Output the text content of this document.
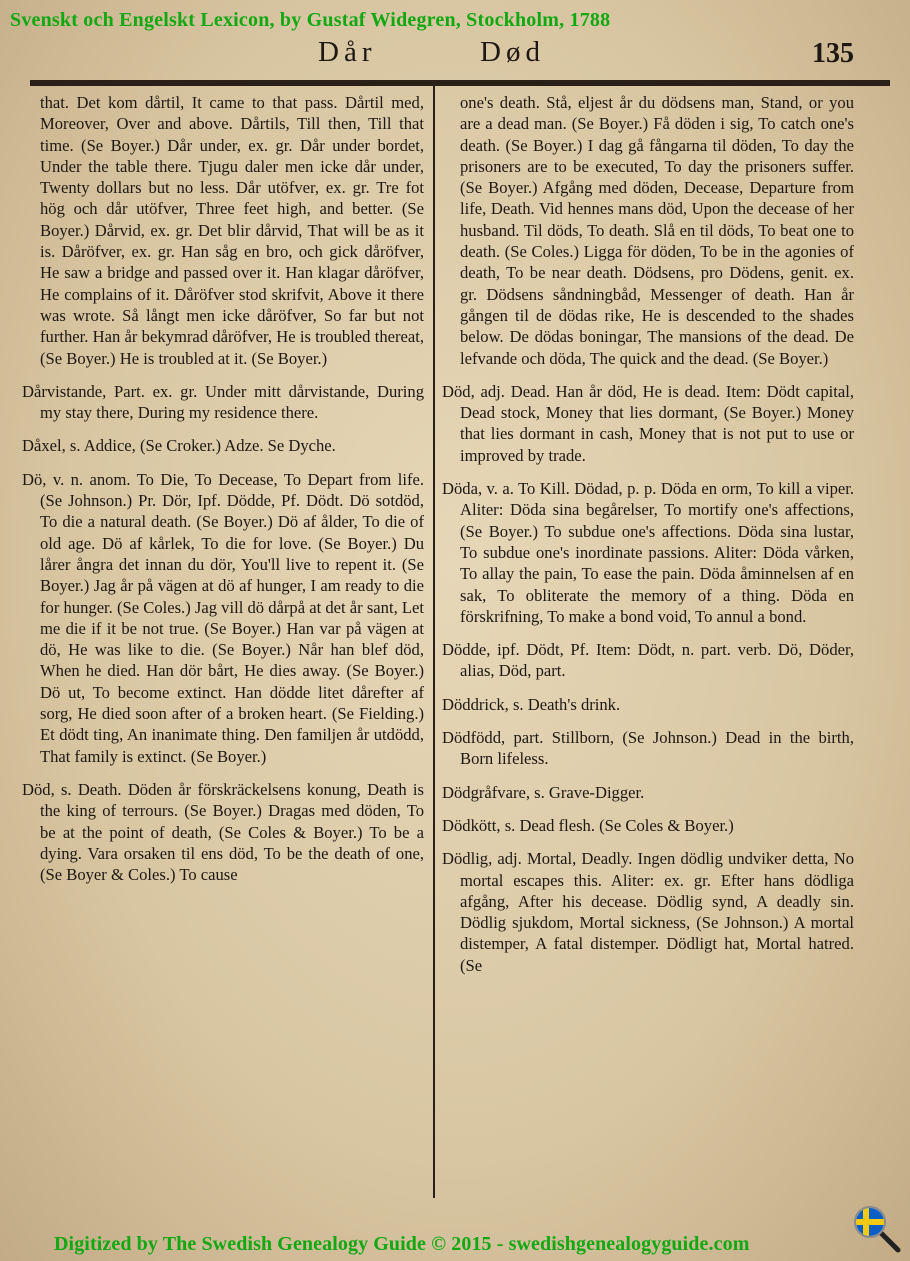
Svenskt och Engelskt Lexicon, by Gustaf Widegren, Stockholm, 1788
Dår	Død	135

that. Det kom dårtil, It came to that pass. Dårtil med, Moreover, Over and above. Dårtils, Till then, Till that time. (Se Boyer.) Dår under, ex. gr. Dår under bordet, Under the table there. Tjugu daler men icke dår under, Twenty dollars but no less. Dår utöfver, ex. gr. Tre fot hög och dår utöfver, Three feet high, and better. (Se Boyer.) Dårvid, ex. gr. Det blir dårvid, That will be as it is. Dåröfver, ex. gr. Han såg en bro, och gick dåröfver, He saw a bridge and passed over it. Han klagar dåröfver, He complains of it. Dåröfver stod skrifvit, Above it there was wrote. Så långt men icke dåröfver, So far but not further. Han år bekymrad dåröfver, He is troubled thereat, (Se Boyer.) He is troubled at it. (Se Boyer.)

Dårvistande, Part. ex. gr. Under mitt dårvistande, During my stay there, During my residence there.

Dåxel, s. Addice, (Se Croker.) Adze. Se Dyche.

Dö, v. n. anom. To Die, To Decease, To Depart from life. (Se Johnson.) Pr. Dör, Ipf. Dödde, Pf. Dödt. Dö sotdöd, To die a natural death. (Se Boyer.) Dö af ålder, To die of old age. Dö af kårlek, To die for love. (Se Boyer.) Du lårer ångra det innan du dör, You'll live to repent it. (Se Boyer.) Jag år på vägen at dö af hunger, I am ready to die for hunger. (Se Coles.) Jag vill dö dårpå at det år sant, Let me die if it be not true. (Se Boyer.) Han var på vägen at dö, He was like to die. (Se Boyer.) Når han blef död, When he died. Han dör bårt, He dies away. (Se Boyer.) Dö ut, To become extinct. Han dödde litet dårefter af sorg, He died soon after of a broken heart. (Se Fielding.) Et dödt ting, An inanimate thing. Den familjen år utdödd, That family is extinct. (Se Boyer.)

Död, s. Death. Döden år förskräckelsens konung, Death is the king of terrours. (Se Boyer.) Dragas med döden, To be at the point of death, (Se Coles & Boyer.) To be a dying. Vara orsaken til ens död, To be the death of one, (Se Boyer & Coles.) To cause

one's death. Stå, eljest år du dödsens man, Stand, or you are a dead man. (Se Boyer.) Få döden i sig, To catch one's death. (Se Boyer.) I dag gå fångarna til döden, To day the prisoners are to be executed, To day the prisoners suffer. (Se Boyer.) Afgång med döden, Decease, Departure from life, Death. Vid hennes mans död, Upon the decease of her husband. Til döds, To death. Slå en til döds, To beat one to death. (Se Coles.) Ligga för döden, To be in the agonies of death, To be near death. Dödsens, pro Dödens, genit. ex. gr. Dödsens såndningbåd, Messenger of death. Han år gången til de dödas rike, He is descended to the shades below. De dödas boningar, The mansions of the dead. De lefvande och döda, The quick and the dead. (Se Boyer.)

Död, adj. Dead. Han år död, He is dead. Item: Dödt capital, Dead stock, Money that lies dormant, (Se Boyer.) Money that lies dormant in cash, Money that is not put to use or improved by trade.

Döda, v. a. To Kill. Dödad, p. p. Döda en orm, To kill a viper. Aliter: Döda sina begårelser, To mortify one's affections, (Se Boyer.) To subdue one's affections. Döda sina lustar, To subdue one's inordinate passions. Aliter: Döda vårken, To allay the pain, To ease the pain. Döda åminnelsen af en sak, To obliterate the memory of a thing. Döda en förskrifning, To make a bond void, To annul a bond.

Dödde, ipf. Dödt, Pf. Item: Dödt, n. part. verb. Dö, Döder, alias, Död, part.

Döddrick, s. Death's drink.

Dödfödd, part. Stillborn, (Se Johnson.) Dead in the birth, Born lifeless.

Dödgråfvare, s. Grave-Digger.

Dödkött, s. Dead flesh. (Se Coles & Boyer.)

Dödlig, adj. Mortal, Deadly. Ingen dödlig undviker detta, No mortal escapes this. Aliter: ex. gr. Efter hans dödliga afgång, After his decease. Dödlig synd, A deadly sin. Dödlig sjukdom, Mortal sickness, (Se Johnson.) A mortal distemper, A fatal distemper. Dödligt hat, Mortal hatred. (Se

Digitized by The Swedish Genealogy Guide © 2015 - swedishgenealogyguide.com
